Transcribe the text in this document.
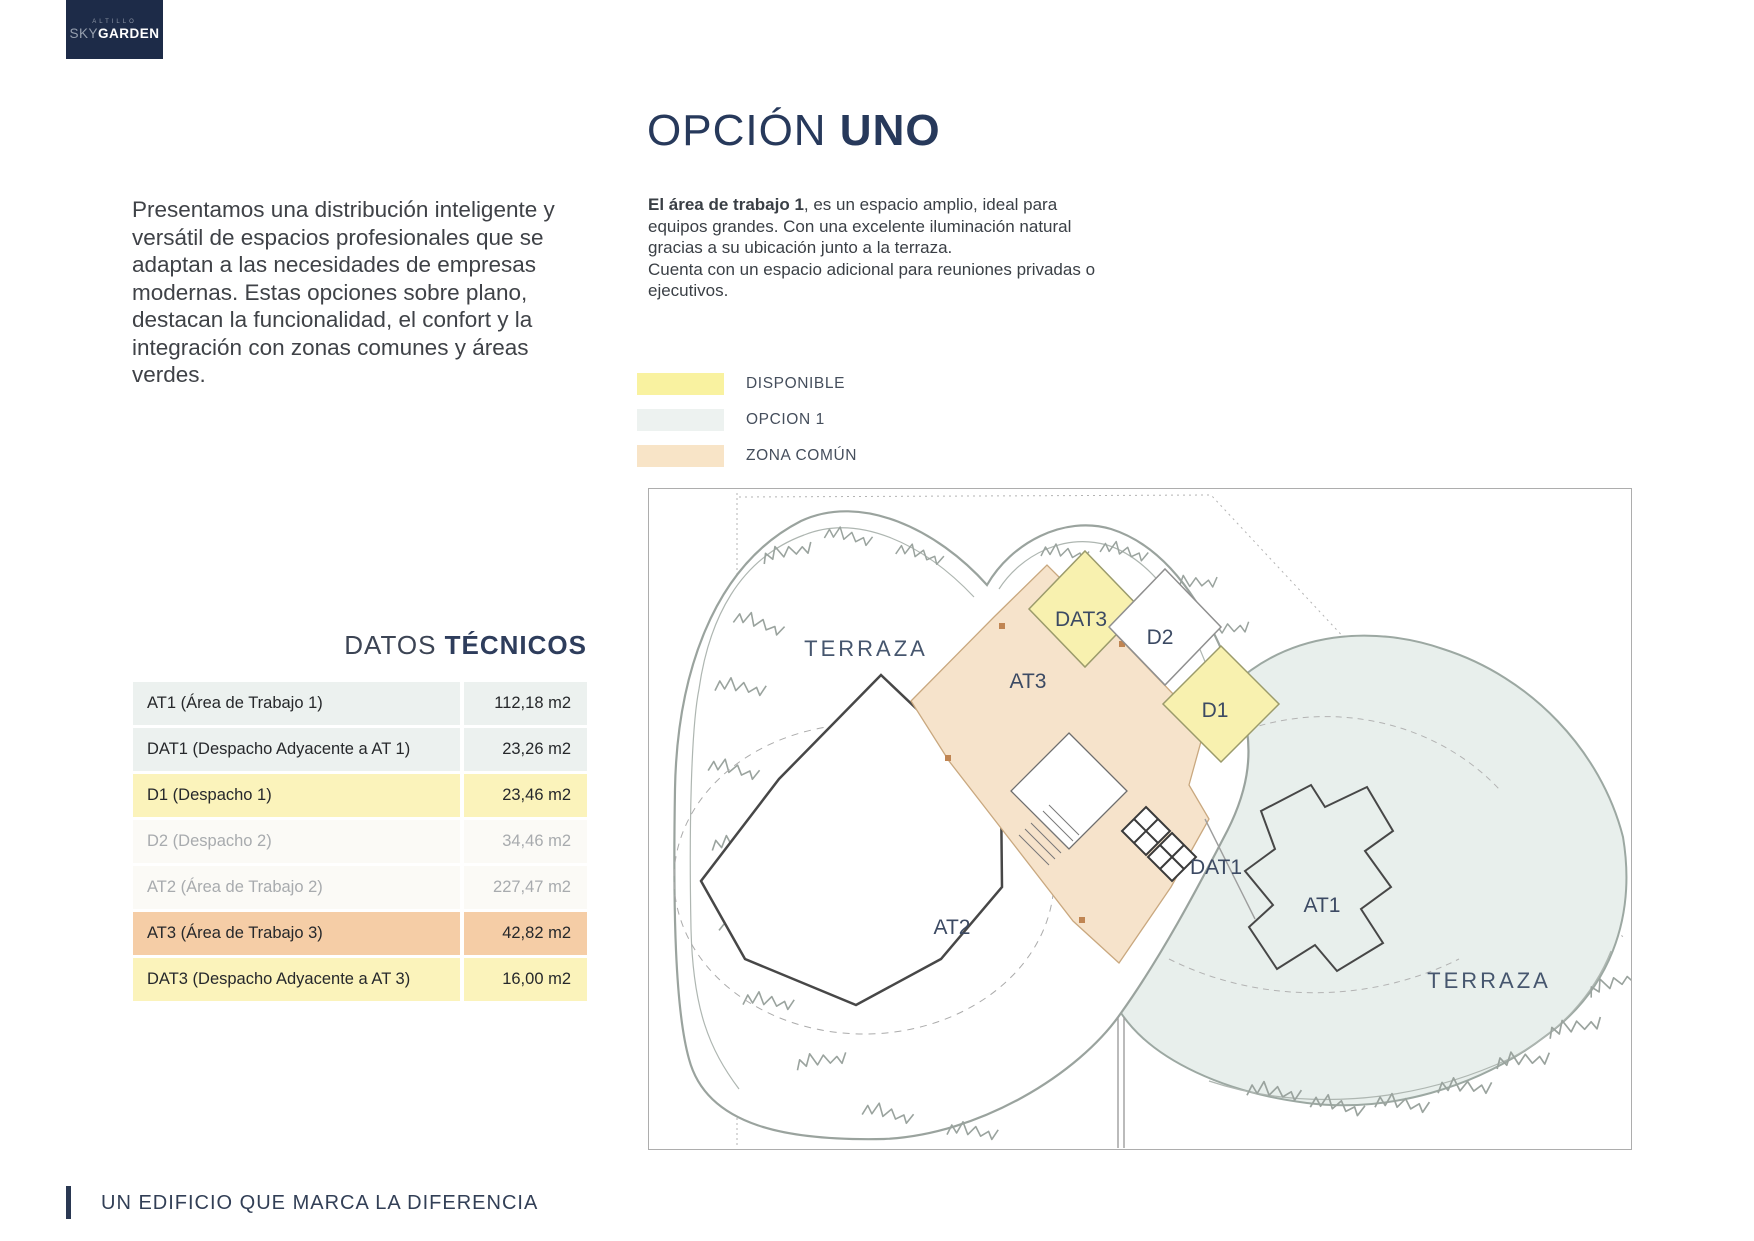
ALTILLO
SKYGARDEN
Presentamos una distribución inteligente y versátil de espacios profesionales que se adaptan a las necesidades de empresas modernas. Estas opciones sobre plano, destacan la funcionalidad, el confort y la integración con zonas comunes y áreas verdes.
OPCIÓN UNO

El área de trabajo 1, es un espacio amplio, ideal para equipos grandes. Con una excelente iluminación natural gracias a su ubicación junto a la terraza.

Cuenta con un espacio adicional para reuniones privadas o ejecutivos.

DISPONIBLE
OPCION 1
ZONA COMÚN
DATOS TÉCNICOS
AT1 (Área de Trabajo 1)	112,18 m2
DAT1 (Despacho Adyacente a AT 1)	23,26 m2
D1 (Despacho 1)	23,46 m2
D2 (Despacho 2)	34,46 m2
AT2 (Área de Trabajo 2)	227,47 m2
AT3 (Área de Trabajo 3)	42,82 m2
DAT3 (Despacho Adyacente a AT 3)	16,00 m2
TERRAZA
DAT3
D2
D1
AT3
DAT1
AT1
AT2
TERRAZA
UN EDIFICIO QUE MARCA LA DIFERENCIA
